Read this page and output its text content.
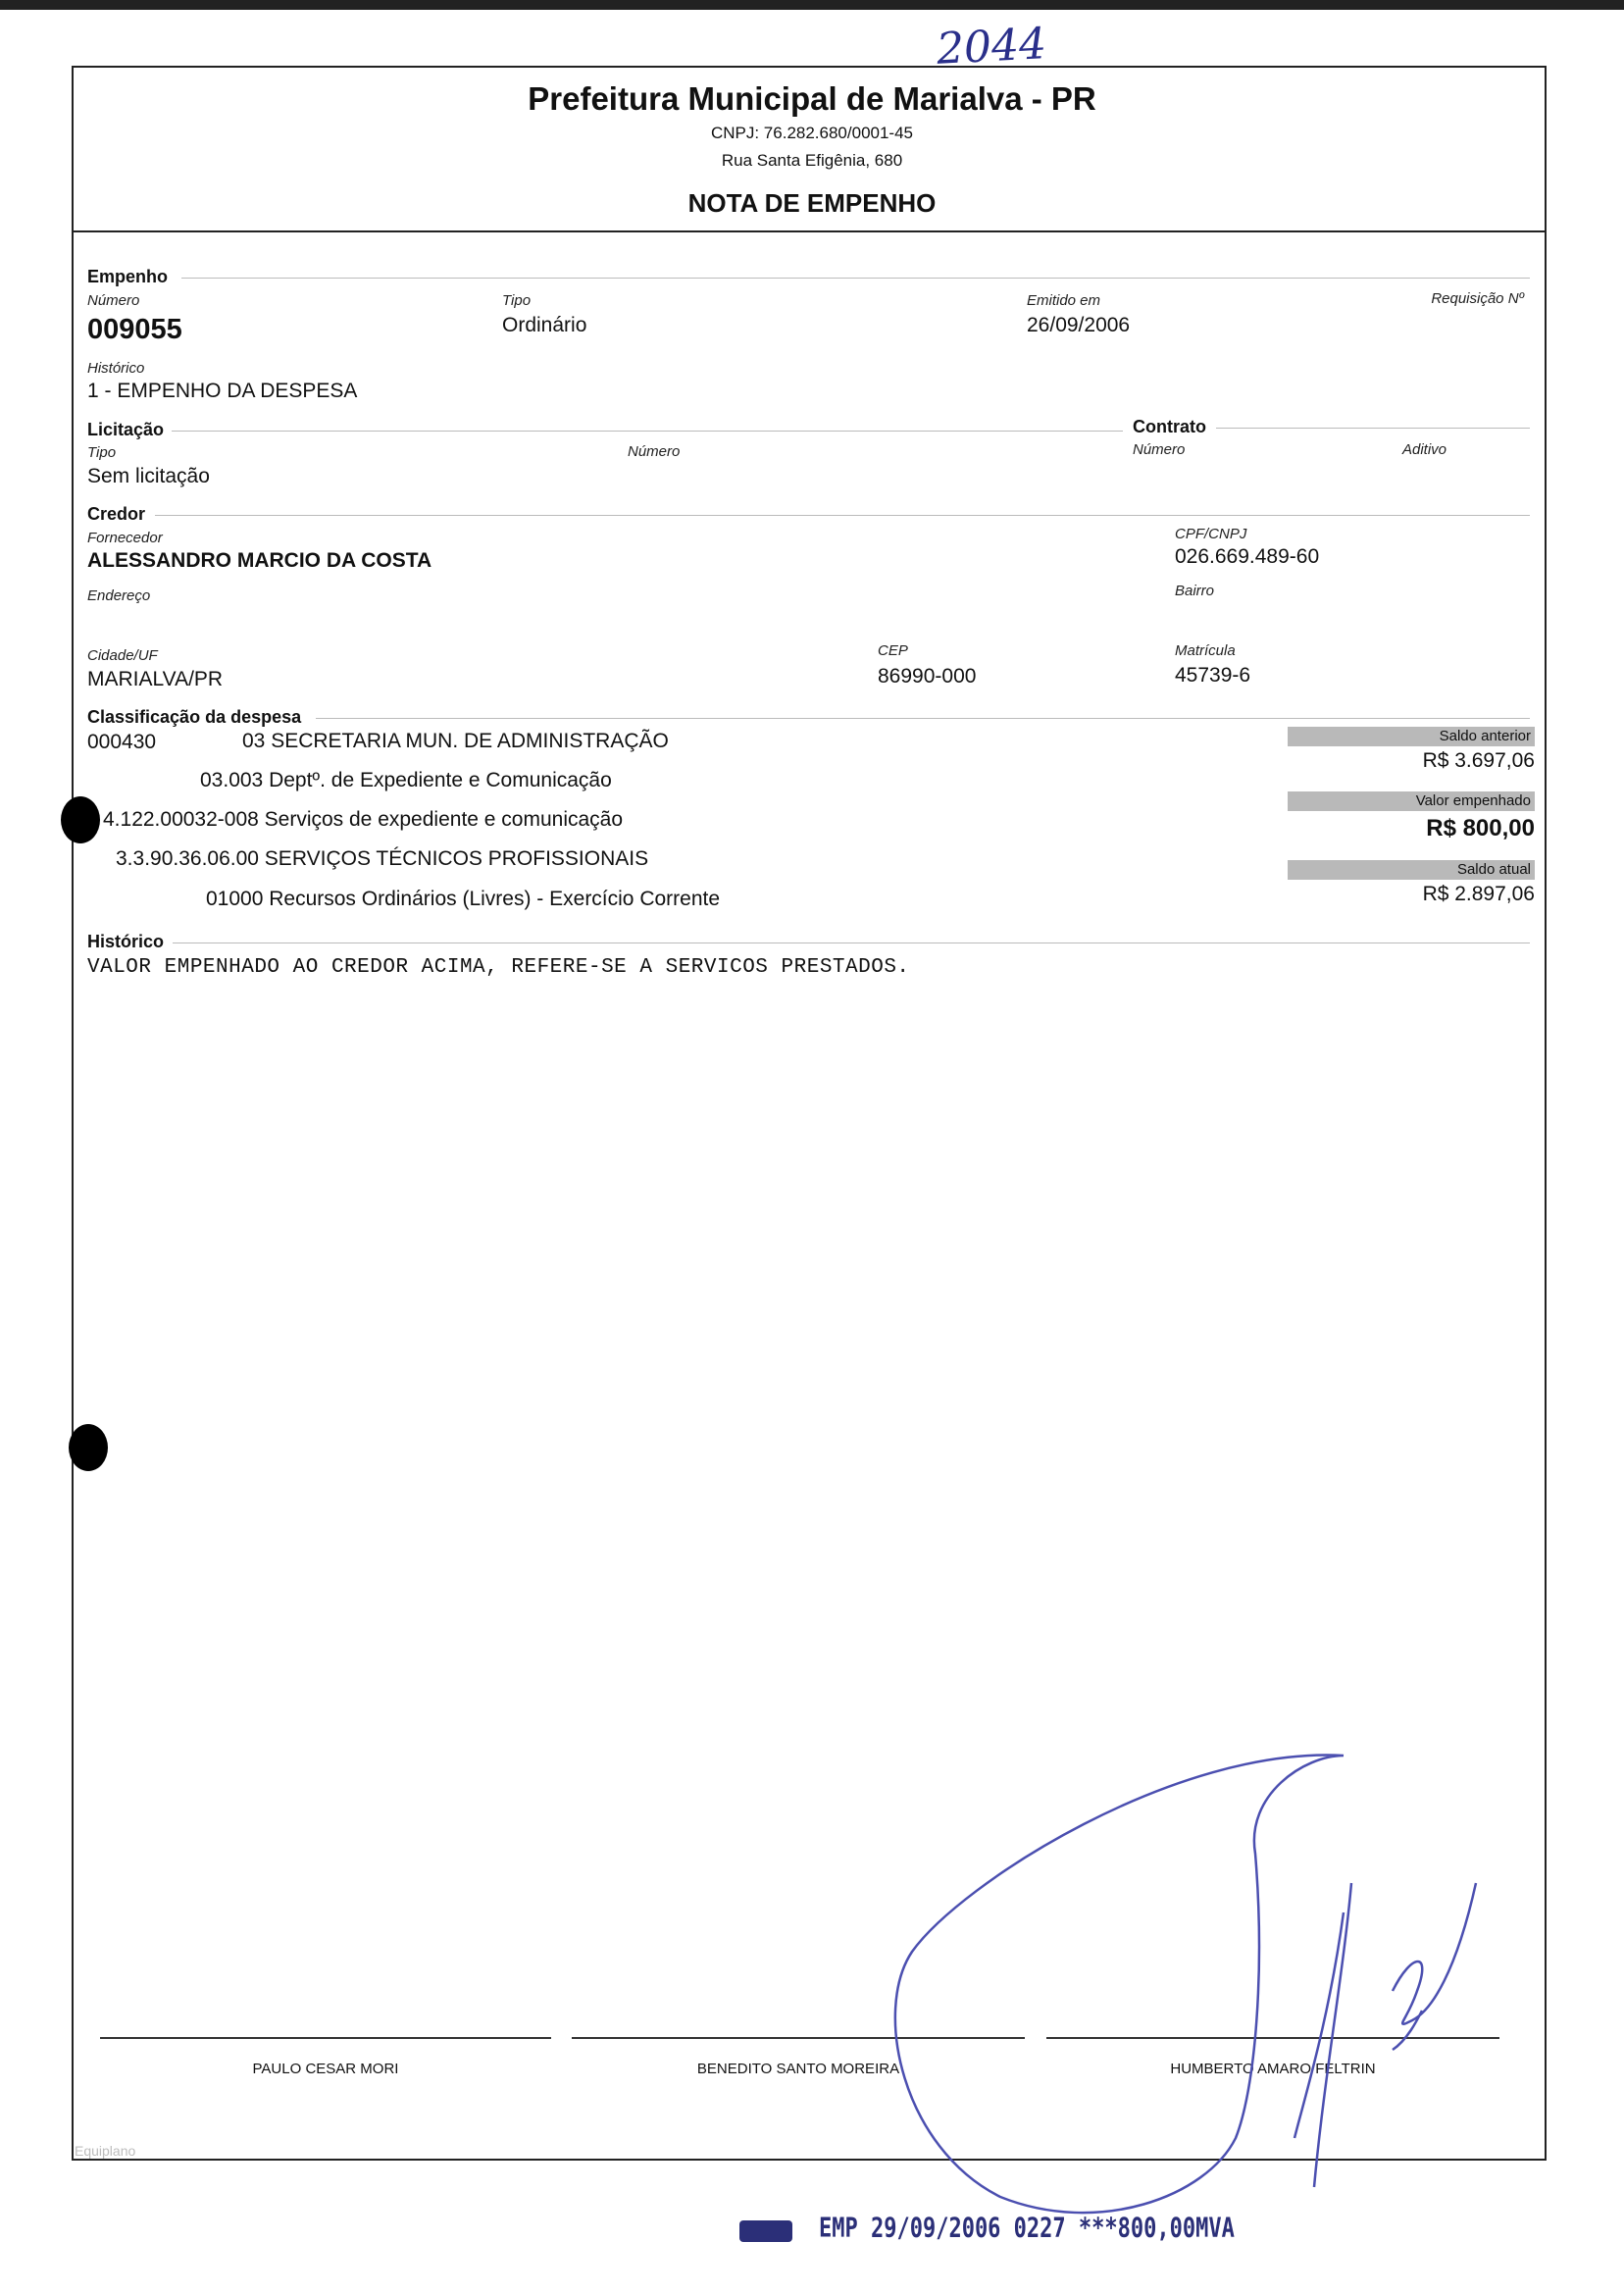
2044
Prefeitura Municipal de Marialva - PR
CNPJ: 76.282.680/0001-45
Rua Santa Efigênia, 680
NOTA DE EMPENHO
Empenho
Número
009055
Tipo
Ordinário
Emitido em
26/09/2006
Requisição Nº
Histórico
1 - EMPENHO DA DESPESA
Licitação
Tipo
Sem licitação
Número
Contrato
Número	Aditivo
Credor
Fornecedor
ALESSANDRO MARCIO DA COSTA
CPF/CNPJ
026.669.489-60
Endereço	Bairro
Cidade/UF
MARIALVA/PR
CEP
86990-000
Matrícula
45739-6
Classificação da despesa
000430	03 SECRETARIA MUN. DE ADMINISTRAÇÃO
03.003 Deptº. de Expediente e Comunicação
4.122.00032-008 Serviços de expediente e comunicação
3.3.90.36.06.00 SERVIÇOS TÉCNICOS PROFISSIONAIS
01000 Recursos Ordinários (Livres) - Exercício Corrente
Saldo anterior
R$ 3.697,06
Valor empenhado
R$ 800,00
Saldo atual
R$ 2.897,06
Histórico
VALOR EMPENHADO AO CREDOR ACIMA, REFERE-SE A SERVICOS PRESTADOS.
PAULO CESAR MORI	BENEDITO SANTO MOREIRA	HUMBERTO AMARO FELTRIN
Equiplano
EMP 29/09/2006 0227 ***800,00MVA
